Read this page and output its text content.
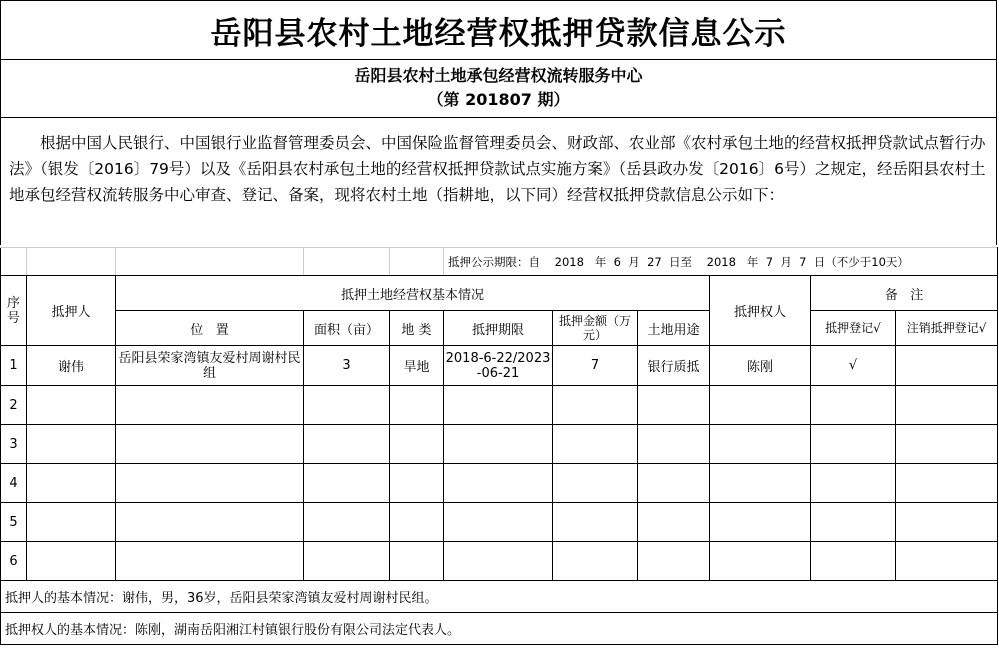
岳阳县农村土地经营权抵押贷款信息公示
岳阳县农村土地承包经营权流转服务中心
（第 201807 期）
根据中国人民银行、中国银行业监督管理委员会、中国保险监督管理委员会、财政部、农业部《农村承包土地的经营权抵押贷款试点暂行办法》（银发〔2016〕79号）以及《岳阳县农村承包土地的经营权抵押贷款试点实施方案》（岳县政办发〔2016〕6号）之规定，经岳阳县农村土地承包经营权流转服务中心审查、登记、备案，现将农村土地（指耕地，以下同）经营权抵押贷款信息公示如下：
					抵押公示期限：自    2018   年  6  月  27  日至    2018   年  7  月  7  日（不少于10天）					
序号	抵押人	抵押土地经营权基本情况						抵押权人	备   注	
		位   置	面积（亩）	地 类	抵押期限	抵押金额（万元）	土地用途		抵押登记√	注销抵押登记√
1	谢伟	岳阳县荣家湾镇友爱村周谢村民组	3	旱地	2018-6-22/2023-06-21	7	银行质抵	陈刚	√	
2										
3										
4										
5										
6										
抵押人的基本情况：谢伟，男，36岁，岳阳县荣家湾镇友爱村周谢村民组。										
抵押权人的基本情况：陈刚，湖南岳阳湘江村镇银行股份有限公司法定代表人。										
